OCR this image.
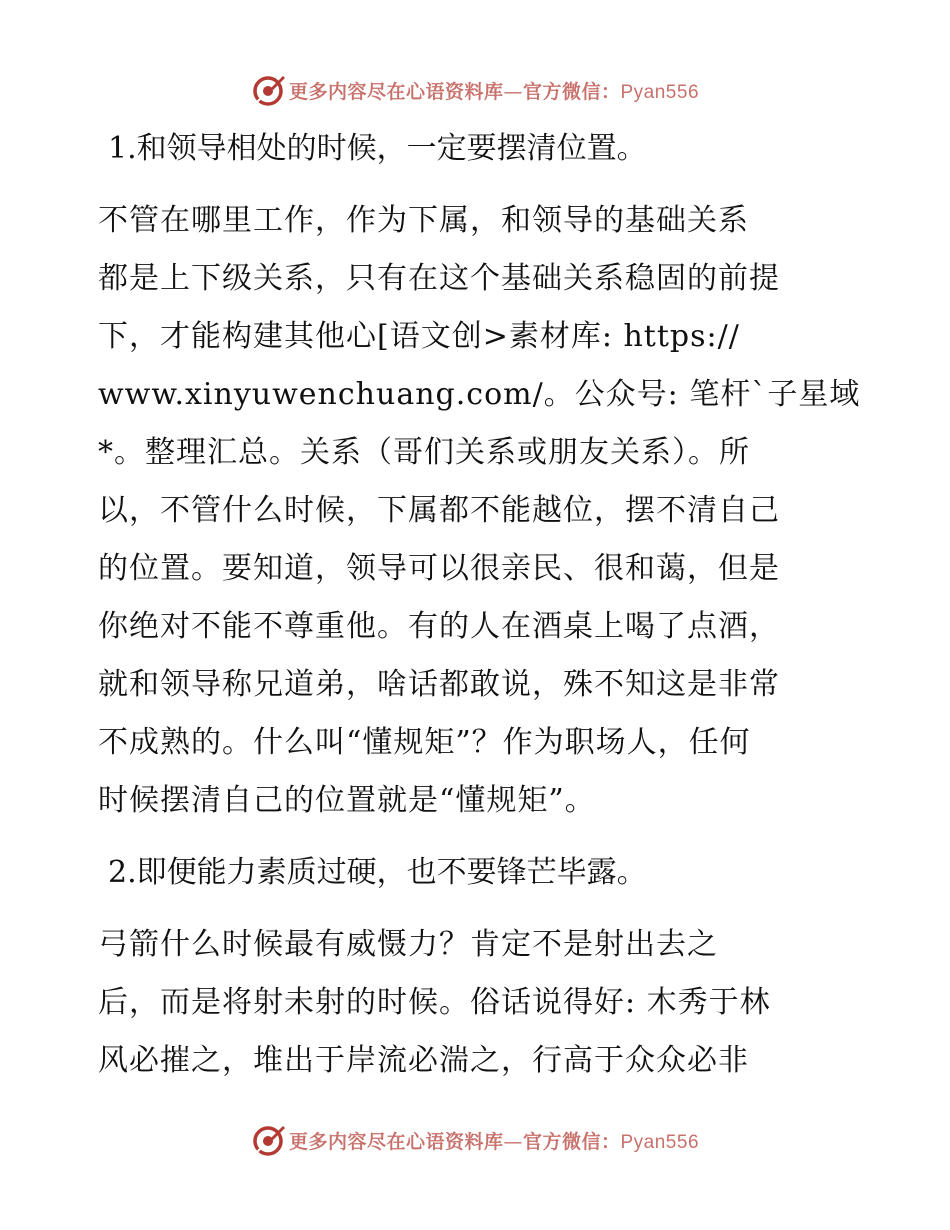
更多内容尽在心语资料库—官方微信：Pyan556

1.和领导相处的时候，一定要摆清位置。

不管在哪里工作，作为下属，和领导的基础关系
都是上下级关系，只有在这个基础关系稳固的前提
下，才能构建其他心[语文创>素材库: https://
www.xinyuwenchuang.com/。公众号: 笔杆`子星域
*。整理汇总。关系（哥们关系或朋友关系）。所
以，不管什么时候，下属都不能越位，摆不清自己
的位置。要知道，领导可以很亲民、很和蔼，但是
你绝对不能不尊重他。有的人在酒桌上喝了点酒，
就和领导称兄道弟，啥话都敢说，殊不知这是非常
不成熟的。什么叫“懂规矩”？作为职场人，任何
时候摆清自己的位置就是“懂规矩”。

2.即便能力素质过硬，也不要锋芒毕露。

弓箭什么时候最有威慑力？肯定不是射出去之
后，而是将射未射的时候。俗话说得好: 木秀于林
风必摧之，堆出于岸流必湍之，行高于众众必非
更多内容尽在心语资料库—官方微信：Pyan556
